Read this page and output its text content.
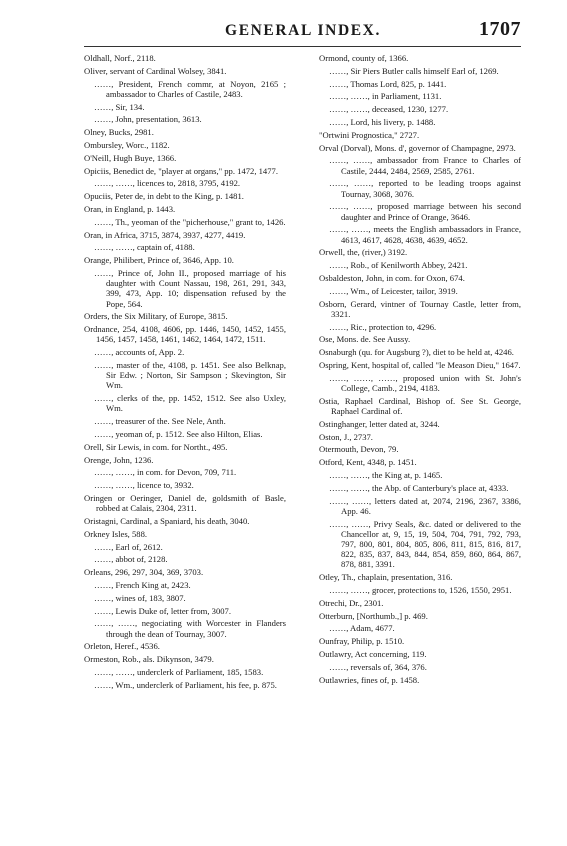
GENERAL INDEX.	1707
Oldhall, Norf., 2118.
Oliver, servant of Cardinal Wolsey, 3841.
……, President, French commr, at Noyon, 2165 ; ambassador to Charles of Castile, 2483.
……, Sir, 134.
……, John, presentation, 3613.
Olney, Bucks, 2981.
Ombursley, Worc., 1182.
O'Neill, Hugh Buye, 1366.
Opiciis, Benedict de, "player at organs," pp. 1472, 1477.
……, ……, licences to, 2818, 3795, 4192.
Opuciis, Peter de, in debt to the King, p. 1481.
Oran, in England, p. 1443.
……, Th., yeoman of the "picherhouse," grant to, 1426.
Oran, in Africa, 3715, 3874, 3937, 4277, 4419.
……, ……, captain of, 4188.
Orange, Philibert, Prince of, 3646, App. 10.
……, Prince of, John II., proposed marriage of his daughter with Count Nassau, 198, 261, 291, 343, 399, 473, App. 10; dispensation refused by the Pope, 564.
Orders, the Six Military, of Europe, 3815.
Ordnance, 254, 4108, 4606, pp. 1446, 1450, 1452, 1455, 1456, 1457, 1458, 1461, 1462, 1464, 1472, 1511.
……, accounts of, App. 2.
……, master of the, 4108, p. 1451. See also Belknap, Sir Edw. ; Norton, Sir Sampson ; Skevington, Sir Wm.
……, clerks of the, pp. 1452, 1512. See also Uxley, Wm.
……, treasurer of the. See Nele, Anth.
……, yeoman of, p. 1512. See also Hilton, Elias.
Orell, Sir Lewis, in com. for Northt., 495.
Orenge, John, 1236.
……, ……, in com. for Devon, 709, 711.
……, ……, licence to, 3932.
Oringen or Oeringer, Daniel de, goldsmith of Basle, robbed at Calais, 2304, 2311.
Oristagni, Cardinal, a Spaniard, his death, 3040.
Orkney Isles, 588.
……, Earl of, 2612.
……, abbot of, 2128.
Orleans, 296, 297, 304, 369, 3703.
……, French King at, 2423.
……, wines of, 183, 3807.
……, Lewis Duke of, letter from, 3007.
……, ……, negociating with Worcester in Flanders through the dean of Tournay, 3007.
Orleton, Heref., 4536.
Ormeston, Rob., als. Dikynson, 3479.
……, ……, underclerk of Parliament, 185, 1583.
……, Wm., underclerk of Parliament, his fee, p. 875.
Ormond, county of, 1366.
……, Sir Piers Butler calls himself Earl of, 1269.
……, Thomas Lord, 825, p. 1441.
……, ……, in Parliament, 1131.
……, ……, deceased, 1230, 1277.
……, Lord, his livery, p. 1488.
"Ortwini Prognostica," 2727.
Orval (Dorval), Mons. d', governor of Champagne, 2973.
……, ……, ambassador from France to Charles of Castile, 2444, 2484, 2569, 2585, 2761.
……, ……, reported to be leading troops against Tournay, 3068, 3076.
……, ……, proposed marriage between his second daughter and Prince of Orange, 3646.
……, ……, meets the English ambassadors in France, 4613, 4617, 4628, 4638, 4639, 4652.
Orwell, the, (river,) 3192.
……, Rob., of Kenilworth Abbey, 2421.
Osbaldeston, John, in com. for Oxon, 674.
……, Wm., of Leicester, tailor, 3919.
Osborn, Gerard, vintner of Tournay Castle, letter from, 3321.
……, Ric., protection to, 4296.
Ose, Mons. de. See Aussy.
Osnaburgh (qu. for Augsburg ?), diet to be held at, 4246.
Ospring, Kent, hospital of, called "le Meason Dieu," 1647.
……, ……, ……, proposed union with St. John's College, Camb., 2194, 4183.
Ostia, Raphael Cardinal, Bishop of. See St. George, Raphael Cardinal of.
Ostinghanger, letter dated at, 3244.
Oston, J., 2737.
Otermouth, Devon, 79.
Otford, Kent, 4348, p. 1451.
……, ……, the King at, p. 1465.
……, ……, the Abp. of Canterbury's place at, 4333.
……, ……, letters dated at, 2074, 2196, 2367, 3386, App. 46.
……, ……, Privy Seals, &c. dated or delivered to the Chancellor at, 9, 15, 19, 504, 704, 791, 792, 793, 797, 800, 801, 804, 805, 806, 811, 815, 816, 817, 822, 835, 837, 843, 844, 854, 859, 860, 864, 867, 878, 881, 3391.
Otley, Th., chaplain, presentation, 316.
……, ……, grocer, protections to, 1526, 1550, 2951.
Otrechi, Dr., 2301.
Otterburn, [Northumb.,] p. 469.
……, Adam, 4677.
Ounfray, Philip, p. 1510.
Outlawry, Act concerning, 119.
……, reversals of, 364, 376.
Outlawries, fines of, p. 1458.
